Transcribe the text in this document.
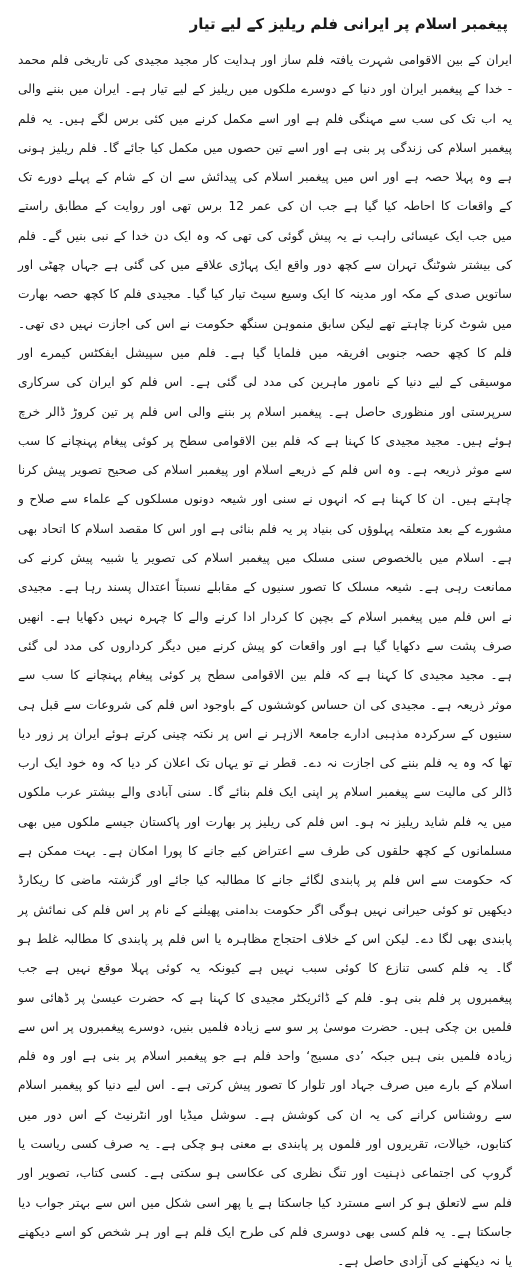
پیغمبر اسلام پر ایرانی فلم ریلیز کے لیے تیار

ایران کے بین الاقوامی شہرت یافتہ فلم ساز اور ہدایت کار مجید مجیدی کی تاریخی فلم محمد - خدا کے پیغمبر ایران اور دنیا کے دوسرے ملکوں میں ریلیز کے لیے تیار ہے۔ ایران میں بننے والی یہ اب تک کی سب سے مہنگی فلم ہے اور اسے مکمل کرنے میں کئی برس لگے ہیں۔ یہ فلم پیغمبر اسلام کی زندگی پر بنی ہے اور اسے تین حصوں میں مکمل کیا جائے گا۔ فلم ریلیز ہونی ہے وہ پہلا حصہ ہے اور اس میں پیغمبر اسلام کی پیدائش سے ان کے شام کے پہلے دورے تک کے واقعات کا احاطہ کیا گیا ہے جب ان کی عمر 12 برس تھی اور روایت کے مطابق راستے میں جب ایک عیسائی راہب نے یہ پیش گوئی کی تھی کہ وہ ایک دن خدا کے نبی بنیں گے۔ فلم کی بیشتر شوٹنگ تہران سے کچھ دور واقع ایک پہاڑی علاقے میں کی گئی ہے جہاں چھٹی اور ساتویں صدی کے مکہ اور مدینہ کا ایک وسیع سیٹ تیار کیا گیا۔ مجیدی فلم کا کچھ حصہ بھارت میں شوٹ کرنا چاہتے تھے لیکن سابق منموہن سنگھ حکومت نے اس کی اجازت نہیں دی تھی۔ فلم کا کچھ حصہ جنوبی افریقہ میں فلمایا گیا ہے۔ فلم میں سپیشل ایفکٹس کیمرے اور موسیقی کے لیے دنیا کے نامور ماہرین کی مدد لی گئی ہے۔ اس فلم کو ایران کی سرکاری سرپرستی اور منظوری حاصل ہے۔ پیغمبر اسلام پر بننے والی اس فلم پر تین کروڑ ڈالر خرچ ہوئے ہیں۔ مجید مجیدی کا کہنا ہے کہ فلم بین الاقوامی سطح پر کوئی پیغام پہنچانے کا سب سے موثر ذریعہ ہے۔ وہ اس فلم کے ذریعے اسلام اور پیغمبر اسلام کی صحیح تصویر پیش کرنا چاہتے ہیں۔ ان کا کہنا ہے کہ انہوں نے سنی اور شیعہ دونوں مسلکوں کے علماء سے صلاح و مشورے کے بعد متعلقہ پہلوؤں کی بنیاد پر یہ فلم بنائی ہے اور اس کا مقصد اسلام کا اتحاد بھی ہے۔ اسلام میں بالخصوص سنی مسلک میں پیغمبر اسلام کی تصویر یا شبیہ پیش کرنے کی ممانعت رہی ہے۔ شیعہ مسلک کا تصور سنیوں کے مقابلے نسبتاً اعتدال پسند رہا ہے۔ مجیدی نے اس فلم میں پیغمبر اسلام کے بچپن کا کردار ادا کرنے والے کا چہرہ نہیں دکھایا ہے۔ انھیں صرف پشت سے دکھایا گیا ہے اور واقعات کو پیش کرنے میں دیگر کرداروں کی مدد لی گئی ہے۔ مجید مجیدی کا کہنا ہے کہ فلم بین الاقوامی سطح پر کوئی پیغام پہنچانے کا سب سے موثر ذریعہ ہے۔ مجیدی کی ان حساس کوششوں کے باوجود اس فلم کی شروعات سے قبل ہی سنیوں کے سرکردہ مذہبی ادارے جامعۃ الازہر نے اس پر نکتہ چینی کرتے ہوئے ایران پر زور دیا تھا کہ وہ یہ فلم بننے کی اجازت نہ دے۔ قطر نے تو یہاں تک اعلان کر دیا کہ وہ خود ایک ارب ڈالر کی مالیت سے پیغمبر اسلام پر اپنی ایک فلم بنائے گا۔ سنی آبادی والے بیشتر عرب ملکوں میں یہ فلم شاید ریلیز نہ ہو۔ اس فلم کی ریلیز پر بھارت اور پاکستان جیسے ملکوں میں بھی مسلمانوں کے کچھ حلقوں کی طرف سے اعتراض کیے جانے کا پورا امکان ہے۔ بہت ممکن ہے کہ حکومت سے اس فلم پر پابندی لگائے جانے کا مطالبہ کیا جائے اور گزشتہ ماضی کا ریکارڈ دیکھیں تو کوئی حیرانی نہیں ہوگی اگر حکومت بدامنی پھیلنے کے نام پر اس فلم کی نمائش پر پابندی بھی لگا دے۔ لیکن اس کے خلاف احتجاج مظاہرہ یا اس فلم پر پابندی کا مطالبہ غلط ہو گا۔ یہ فلم کسی تنازع کا کوئی سبب نہیں ہے کیونکہ یہ کوئی پہلا موقع نہیں ہے جب پیغمبروں پر فلم بنی ہو۔ فلم کے ڈائریکٹر مجیدی کا کہنا ہے کہ حضرت عیسیٰ پر ڈھائی سو فلمیں بن چکی ہیں۔ حضرت موسیٰ پر سو سے زیادہ فلمیں بنیں، دوسرے پیغمبروں پر اس سے زیادہ فلمیں بنی ہیں جبکہ ’دی مسیج‘ واحد فلم ہے جو پیغمبر اسلام پر بنی ہے اور وہ فلم اسلام کے بارے میں صرف جہاد اور تلوار کا تصور پیش کرتی ہے۔ اس لیے دنیا کو پیغمبر اسلام سے روشناس کرانے کی یہ ان کی کوشش ہے۔ سوشل میڈیا اور انٹرنیٹ کے اس دور میں کتابوں، خیالات، تقریروں اور فلموں پر پابندی بے معنی ہو چکی ہے۔ یہ صرف کسی ریاست یا گروپ کی اجتماعی ذہنیت اور تنگ نظری کی عکاسی ہو سکتی ہے۔ کسی کتاب، تصویر اور فلم سے لاتعلق ہو کر اسے مسترد کیا جاسکتا ہے یا پھر اسی شکل میں اس سے بہتر جواب دیا جاسکتا ہے۔ یہ فلم کسی بھی دوسری فلم کی طرح ایک فلم ہے اور ہر شخص کو اسے دیکھنے یا نہ دیکھنے کی آزادی حاصل ہے۔
